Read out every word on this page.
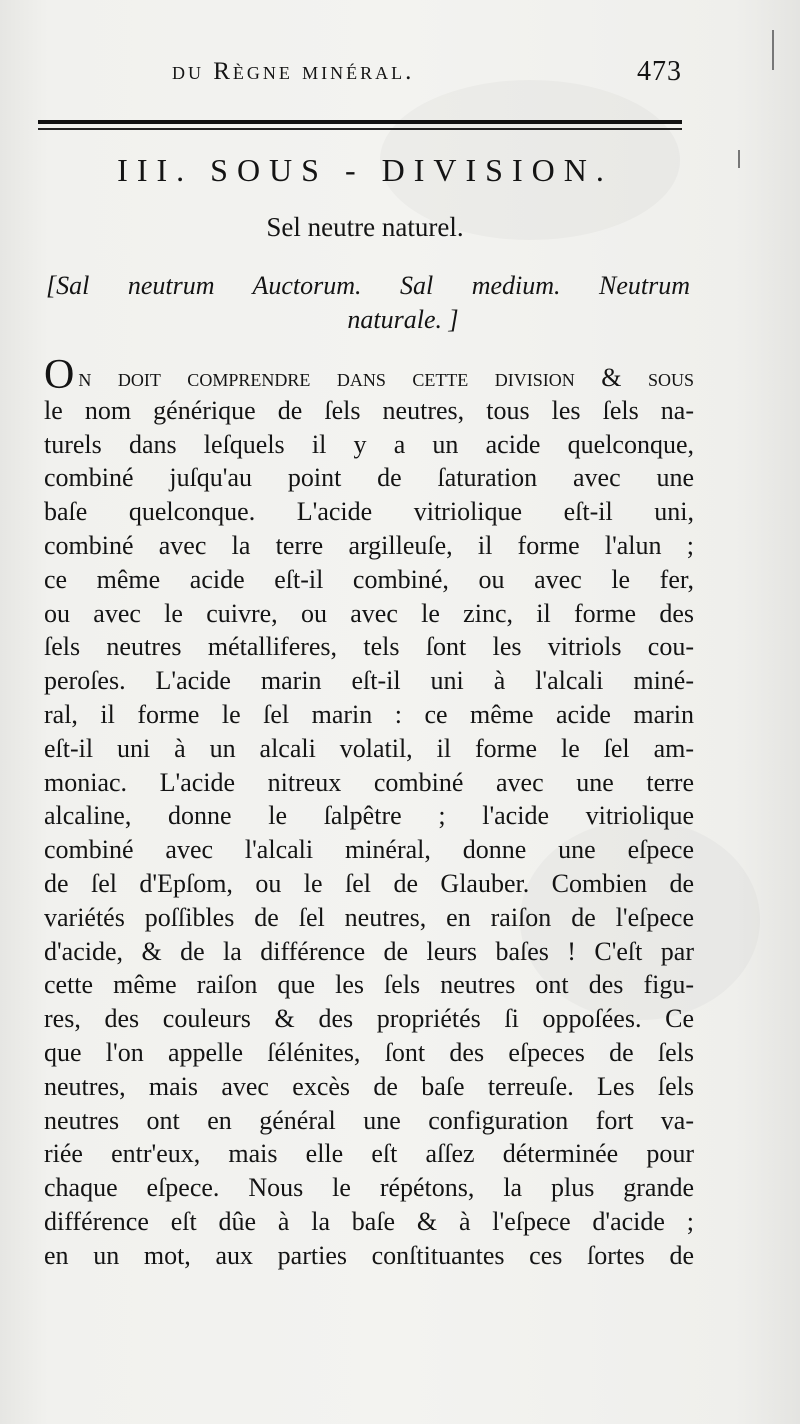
du Règne minéral.	473
III. SOUS - DIVISION.
Sel neutre naturel.
[Sal neutrum Auctorum. Sal medium. Neutrum
naturale. ]
On doit comprendre dans cette diviſion & ſous
le nom générique de ſels neutres, tous les ſels na-
turels dans leſquels il y a un acide quelconque,
combiné juſqu'au point de ſaturation avec une
baſe quelconque. L'acide vitriolique eſt-il uni,
combiné avec la terre argilleuſe, il forme l'alun ;
ce même acide eſt-il combiné, ou avec le fer,
ou avec le cuivre, ou avec le zinc, il forme des
ſels neutres métalliferes, tels ſont les vitriols cou-
peroſes. L'acide marin eſt-il uni à l'alcali miné-
ral, il forme le ſel marin : ce même acide marin
eſt-il uni à un alcali volatil, il forme le ſel am-
moniac. L'acide nitreux combiné avec une terre
alcaline, donne le ſalpêtre ; l'acide vitriolique
combiné avec l'alcali minéral, donne une eſpece
de ſel d'Epſom, ou le ſel de Glauber. Combien de
variétés poſſibles de ſel neutres, en raiſon de l'eſpece
d'acide, & de la différence de leurs baſes ! C'eſt par
cette même raiſon que les ſels neutres ont des figu-
res, des couleurs & des propriétés ſi oppoſées. Ce
que l'on appelle ſélénites, ſont des eſpeces de ſels
neutres, mais avec excès de baſe terreuſe. Les ſels
neutres ont en général une configuration fort va-
riée entr'eux, mais elle eſt aſſez déterminée pour
chaque eſpece. Nous le répétons, la plus grande
différence eſt dûe à la baſe & à l'eſpece d'acide ;
en un mot, aux parties conſtituantes ces ſortes de
